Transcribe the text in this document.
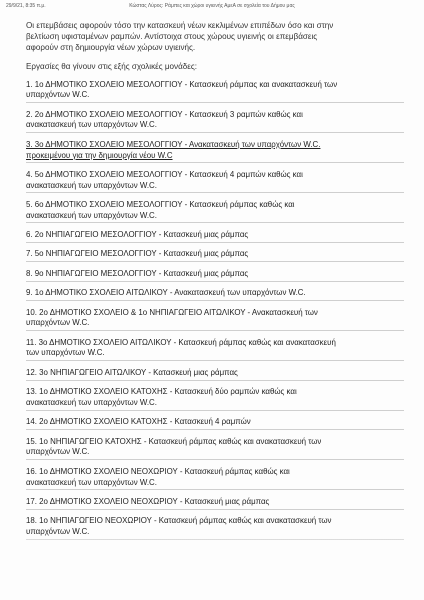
29/9/21, 8:35 π.μ.	Κώστας Λύρος: Ράμπες και χώροι υγιεινής ΑμεΑ σε σχολεία του Δήμου μας

Οι επεμβάσεις αφορούν τόσο την κατασκευή νέων κεκλιμένων επιπέδων όσο και στην

βελτίωση υφισταμένων ραμπών. Αντίστοιχα στους χώρους υγιεινής οι επεμβάσεις

αφορούν στη δημιουργία νέων χώρων υγιεινής.

Εργασίες θα γίνουν στις εξής σχολικές μονάδες:

1. 1ο ΔΗΜΟΤΙΚΟ ΣΧΟΛΕΙΟ ΜΕΣΟΛΟΓΓΙΟΥ - Κατασκευή ράμπας και ανακατασκευή των
υπαρχόντων W.C.
2. 2ο ΔΗΜΟΤΙΚΟ ΣΧΟΛΕΙΟ ΜΕΣΟΛΟΓΓΙΟΥ - Κατασκευή 3 ραμπών καθώς και
ανακατασκευή των υπαρχόντων W.C.
3. 3ο ΔΗΜΟΤΙΚΟ ΣΧΟΛΕΙΟ ΜΕΣΟΛΟΓΓΙΟΥ - Ανακατασκευή των υπαρχόντων W.C.
προκειμένου για την δημιουργία νέου W.C
4. 5ο ΔΗΜΟΤΙΚΟ ΣΧΟΛΕΙΟ ΜΕΣΟΛΟΓΓΙΟΥ - Κατασκευή 4 ραμπών καθώς και
ανακατασκευή των υπαρχόντων W.C.
5. 6ο ΔΗΜΟΤΙΚΟ ΣΧΟΛΕΙΟ ΜΕΣΟΛΟΓΓΙΟΥ - Κατασκευή ράμπας καθώς και
ανακατασκευή των υπαρχόντων W.C.
6. 2ο ΝΗΠΙΑΓΩΓΕΙΟ ΜΕΣΟΛΟΓΓΙΟΥ - Κατασκευή μιας ράμπας
7. 5ο ΝΗΠΙΑΓΩΓΕΙΟ ΜΕΣΟΛΟΓΓΙΟΥ - Κατασκευή μιας ράμπας
8. 9ο ΝΗΠΙΑΓΩΓΕΙΟ ΜΕΣΟΛΟΓΓΙΟΥ - Κατασκευή μιας ράμπας
9. 1ο ΔΗΜΟΤΙΚΟ ΣΧΟΛΕΙΟ ΑΙΤΩΛΙΚΟΥ - Ανακατασκευή των υπαρχόντων W.C.
10. 2ο ΔΗΜΟΤΙΚΟ ΣΧΟΛΕΙΟ & 1ο ΝΗΠΙΑΓΩΓΕΙΟ ΑΙΤΩΛΙΚΟΥ - Ανακατασκευή των
υπαρχόντων W.C.
11. 3ο ΔΗΜΟΤΙΚΟ ΣΧΟΛΕΙΟ ΑΙΤΩΛΙΚΟΥ - Κατασκευή ράμπας καθώς και ανακατασκευή
των υπαρχόντων W.C.
12. 3ο ΝΗΠΙΑΓΩΓΕΙΟ ΑΙΤΩΛΙΚΟΥ - Κατασκευή μιας ράμπας
13. 1ο ΔΗΜΟΤΙΚΟ ΣΧΟΛΕΙΟ ΚΑΤΟΧΗΣ - Κατασκευή δύο ραμπών καθώς και
ανακατασκευή των υπαρχόντων W.C.
14. 2ο ΔΗΜΟΤΙΚΟ ΣΧΟΛΕΙΟ ΚΑΤΟΧΗΣ - Κατασκευή 4 ραμπών
15. 1ο ΝΗΠΙΑΓΩΓΕΙΟ ΚΑΤΟΧΗΣ - Κατασκευή ράμπας καθώς και ανακατασκευή των
υπαρχόντων W.C.
16. 1ο ΔΗΜΟΤΙΚΟ ΣΧΟΛΕΙΟ ΝΕΟΧΩΡΙΟΥ - Κατασκευή ράμπας καθώς και
ανακατασκευή των υπαρχόντων W.C.
17. 2ο ΔΗΜΟΤΙΚΟ ΣΧΟΛΕΙΟ ΝΕΟΧΩΡΙΟΥ - Κατασκευή μιας ράμπας
18. 1ο ΝΗΠΙΑΓΩΓΕΙΟ ΝΕΟΧΩΡΙΟΥ - Κατασκευή ράμπας καθώς και ανακατασκευή των
υπαρχόντων W.C.
